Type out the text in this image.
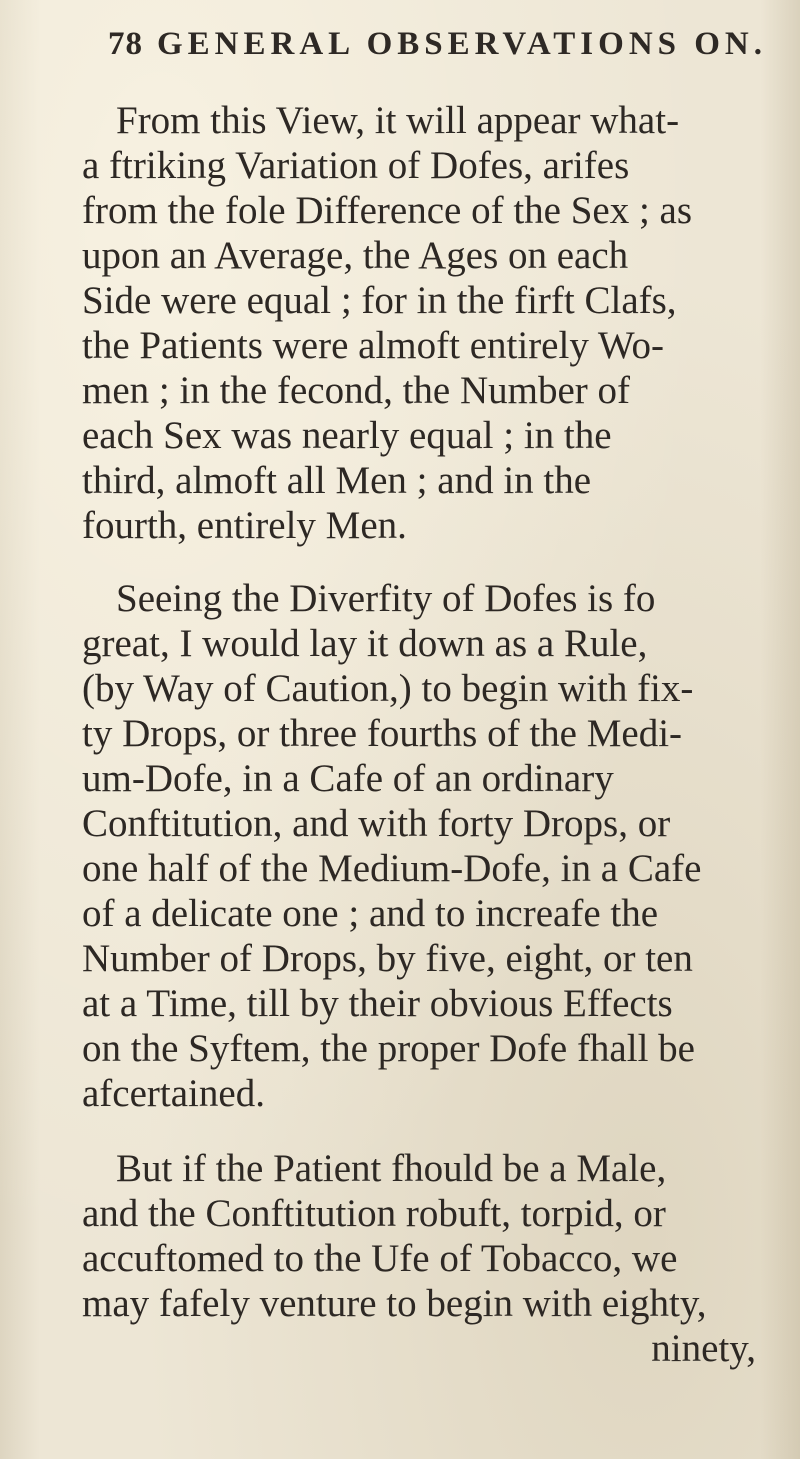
78 GENERAL OBSERVATIONS ON.
From this View, it will appear what-
a ftriking Variation of Dofes, arifes
from the fole Difference of the Sex ; as
upon an Average, the Ages on each
Side were equal ; for in the firft Clafs,
the Patients were almoft entirely Wo-
men ; in the fecond, the Number of
each Sex was nearly equal ; in the
third, almoft all Men ; and in the
fourth, entirely Men.
Seeing the Diverfity of Dofes is fo
great, I would lay it down as a Rule,
(by Way of Caution,) to begin with fix-
ty Drops, or three fourths of the Medi-
um-Dofe, in a Cafe of an ordinary
Conftitution, and with forty Drops, or
one half of the Medium-Dofe, in a Cafe
of a delicate one ; and to increafe the
Number of Drops, by five, eight, or ten
at a Time, till by their obvious Effects
on the Syftem, the proper Dofe fhall be
afcertained.
But if the Patient fhould be a Male,
and the Conftitution robuft, torpid, or
accuftomed to the Ufe of Tobacco, we
may fafely venture to begin with eighty,
ninety,
